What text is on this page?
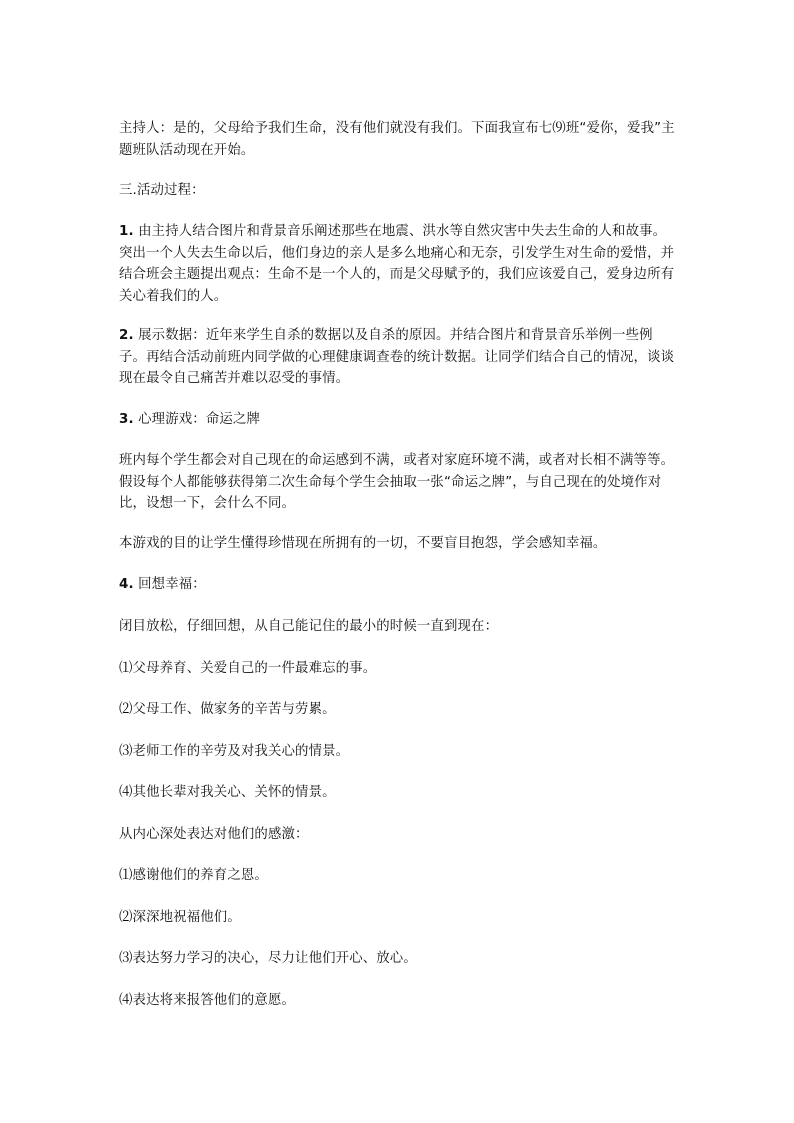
主持人：是的，父母给予我们生命，没有他们就没有我们。下面我宣布七⑼班“爱你，爱我”主题班队活动现在开始。

三.活动过程：

1. 由主持人结合图片和背景音乐阐述那些在地震、洪水等自然灾害中失去生命的人和故事。突出一个人失去生命以后，他们身边的亲人是多么地痛心和无奈，引发学生对生命的爱惜，并结合班会主题提出观点：生命不是一个人的，而是父母赋予的，我们应该爱自己，爱身边所有关心着我们的人。

2. 展示数据：近年来学生自杀的数据以及自杀的原因。并结合图片和背景音乐举例一些例子。再结合活动前班内同学做的心理健康调查卷的统计数据。让同学们结合自己的情况，谈谈现在最令自己痛苦并难以忍受的事情。

3. 心理游戏：命运之牌

班内每个学生都会对自己现在的命运感到不满，或者对家庭环境不满，或者对长相不满等等。假设每个人都能够获得第二次生命每个学生会抽取一张“命运之牌”，与自己现在的处境作对比，设想一下，会什么不同。

本游戏的目的让学生懂得珍惜现在所拥有的一切，不要盲目抱怨，学会感知幸福。

4. 回想幸福：

闭目放松，仔细回想，从自己能记住的最小的时候一直到现在：

⑴父母养育、关爱自己的一件最难忘的事。

⑵父母工作、做家务的辛苦与劳累。

⑶老师工作的辛劳及对我关心的情景。

⑷其他长辈对我关心、关怀的情景。

从内心深处表达对他们的感激：

⑴感谢他们的养育之恩。

⑵深深地祝福他们。

⑶表达努力学习的决心，尽力让他们开心、放心。

⑷表达将来报答他们的意愿。
